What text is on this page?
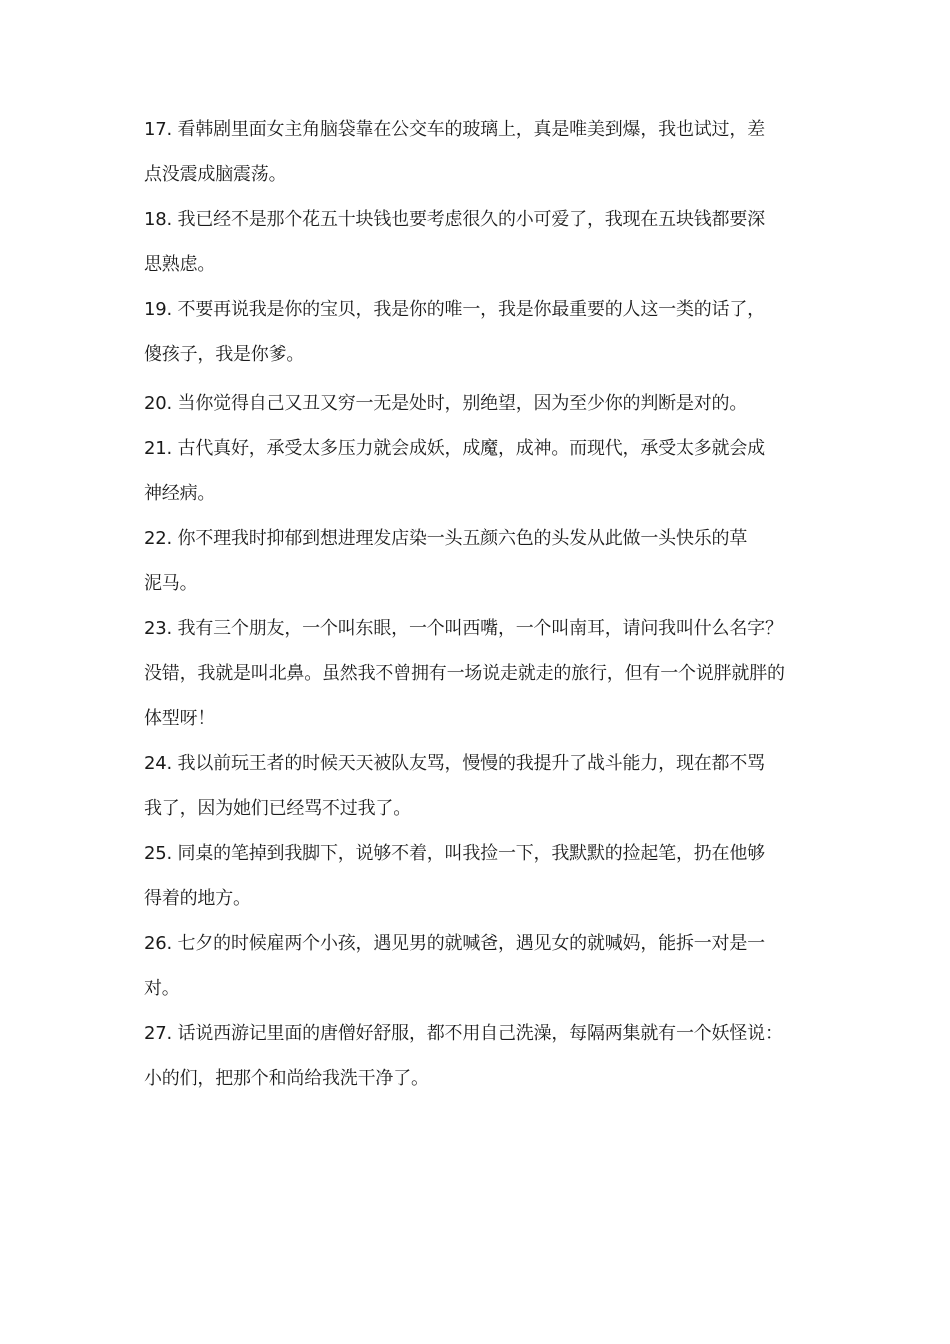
17. 看韩剧里面女主角脑袋靠在公交车的玻璃上，真是唯美到爆，我也试过，差
点没震成脑震荡。
18. 我已经不是那个花五十块钱也要考虑很久的小可爱了，我现在五块钱都要深
思熟虑。
19. 不要再说我是你的宝贝，我是你的唯一，我是你最重要的人这一类的话了，
傻孩子，我是你爹。
20. 当你觉得自己又丑又穷一无是处时，别绝望，因为至少你的判断是对的。
21. 古代真好，承受太多压力就会成妖，成魔，成神。而现代，承受太多就会成
神经病。
22. 你不理我时抑郁到想进理发店染一头五颜六色的头发从此做一头快乐的草
泥马。
23. 我有三个朋友，一个叫东眼，一个叫西嘴，一个叫南耳，请问我叫什么名字？
没错，我就是叫北鼻。虽然我不曾拥有一场说走就走的旅行，但有一个说胖就胖的
体型呀！
24. 我以前玩王者的时候天天被队友骂，慢慢的我提升了战斗能力，现在都不骂
我了，因为她们已经骂不过我了。
25. 同桌的笔掉到我脚下，说够不着，叫我捡一下，我默默的捡起笔，扔在他够
得着的地方。
26. 七夕的时候雇两个小孩，遇见男的就喊爸，遇见女的就喊妈，能拆一对是一
对。
27. 话说西游记里面的唐僧好舒服，都不用自己洗澡，每隔两集就有一个妖怪说：
小的们，把那个和尚给我洗干净了。
